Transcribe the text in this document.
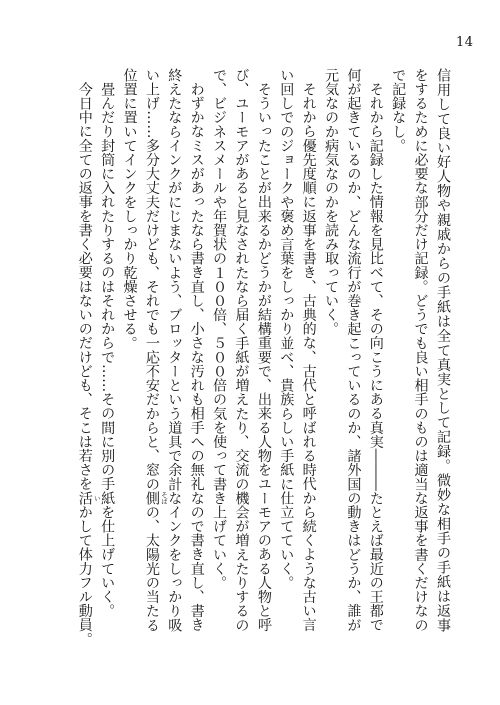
14
信用して良い好人物や親戚からの手紙は全て真実として記録。微妙な相手の手紙は返事
をするために必要な部分だけ記録。どうでも良い相手のものは適当な返事を書くだけなの
で記録なし。
それから記録した情報を見比べて、その向こうにある真実―――たとえば最近の王都で
何が起きているのか、どんな流行が巻き起こっているのか、諸外国の動きはどうか、誰が
元気なのか病気なのかを読み取っていく。
それから優先度順に返事を書き、古典的な、古代と呼ばれる時代から続くような古い言
い回しでのジョークや褒め言葉をしっかり並べ、貴族らしい手紙に仕立てていく。
そういったことが出来るかどうかが結構重要で、出来る人物をユーモアのある人物と呼
び、ユーモアがあると見なされたなら届く手紙が増えたり、交流の機会が増えたりするの
で、ビジネスメールや年賀状の１００倍、５００倍の気を使って書き上げていく。
わずかなミスがあったなら書き直し、小さな汚れも相手への無礼なので書き直し、書き
終えたならインクがにじまないよう、ブロッターという道具で余計なインクをしっかり吸
い上げ……多分大丈夫だけども、それでも一応不安だからと、窓の側 そば
の、太陽光の当たる
位置に置いてインクをしっかり乾燥させる。
畳んだり封筒に入れたりするのはそれからで……その間に別の手紙を仕上げていく。
今日中に全ての返事を書く必要はないのだけども、そこは若さを活 い
かして体力フル動員。
